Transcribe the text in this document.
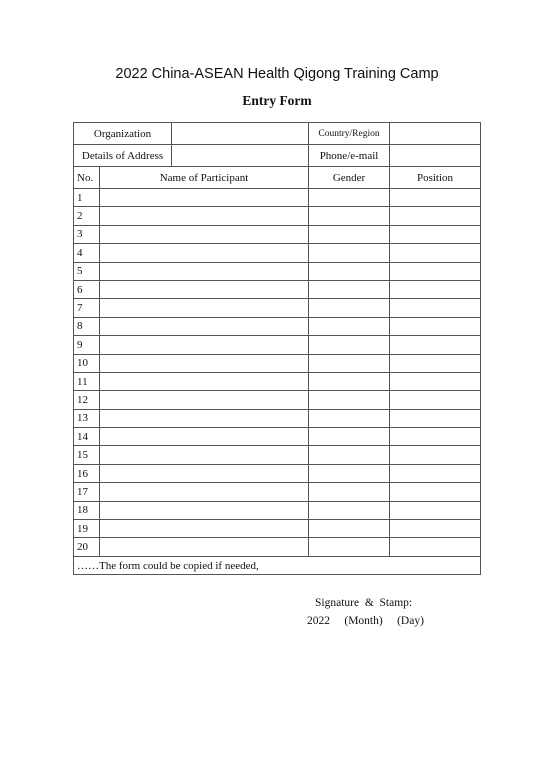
2022 China-ASEAN Health Qigong Training Camp
Entry Form
Organization			Country/Region	
Details of Address			Phone/e-mail	
No.	Name of Participant		Gender	Position
1				
2				
3				
4				
5				
6				
7				
8				
9				
10				
11				
12				
13				
14				
15				
16				
17				
18				
19				
20				
……The form could be copied if needed,				
Signature  &  Stamp:
2022     (Month)     (Day)
